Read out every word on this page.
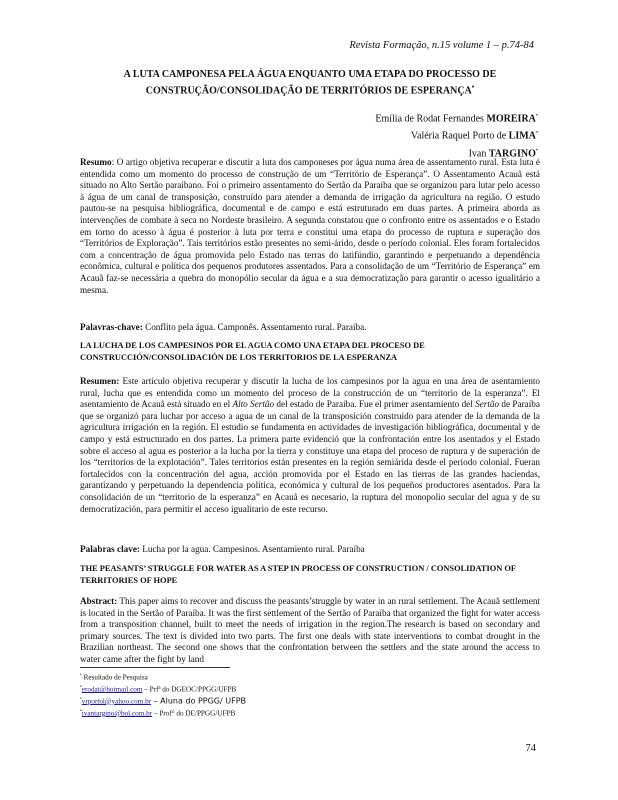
Revista Formação, n.15 volume 1 – p.74-84
A LUTA CAMPONESA PELA ÁGUA ENQUANTO UMA ETAPA DO PROCESSO DE
CONSTRUÇÃO/CONSOLIDAÇÃO DE TERRITÓRIOS DE ESPERANÇA•
Emília de Rodat Fernandes MOREIRA•
Valéria Raquel Porto de LIMA•
Ivan TARGINO•

Resumo: O artigo objetiva recuperar e discutir a luta dos camponeses por água numa área de assentamento rural. Esta luta é entendida como um momento do processo de construção de um “Território de Esperança”. O Assentamento Acauã está situado no Alto Sertão paraibano. Foi o primeiro assentamento do Sertão da Paraíba que se organizou para lutar pelo acesso à água de um canal de transposição, construído para atender a demanda de irrigação da agricultura na região. O estudo pautou-se na pesquisa bibliográfica, documental e de campo e está estruturado em duas partes. A primeira aborda as intervenções de combate à seca no Nordeste brasileiro. A segunda constatou que o confronto entre os assentados e o Estado em torno do acesso à água é posterior à luta por terra e constitui uma etapa do processo de ruptura e superação dos “Territórios de Exploração”. Tais territórios estão presentes no semi-árido, desde o período colonial. Eles foram fortalecidos com a concentração de água promovida pelo Estado nas terras do latifúndio, garantindo e perpetuando a dependência econômica, cultural e política dos pequenos produtores assentados. Para a consolidação de um “Território de Esperança” em Acauã faz-se necessária a quebra do monopólio secular da água e a sua democratização para garantir o acesso igualitário a mesma.

Palavras-chave: Conflito pela água. Camponês. Assentamento rural. Paraíba.

LA LUCHA DE LOS CAMPESINOS POR EL AGUA COMO UNA ETAPA DEL PROCESO DE CONSTRUCCIÓN/CONSOLIDACIÓN DE LOS TERRITORIOS DE LA ESPERANZA

Resumen: Este artículo objetiva recuperar y discutir la lucha de los campesinos por la agua en una área de asentamiento rural, lucha que es entendida como un momento del proceso de la construcción de un “territorio de la esperanza”. El asentamiento de Acauã está situado en el Alto Sertão del estado de Paraíba. Fue el primer asentamiento del Sertão de Paraíba que se organizó para luchar por acceso a agua de un canal de la transposición construido para atender de la demanda de la agricultura irrigación en la región. El estudio se fundamenta en actividades de investigación bibliográfica, documental y de campo y está estructurado en dos partes. La primera parte evidenció que la confrontación entre los asentados y el Estado sobre el acceso al agua es posterior a la lucha por la tierra y constituye una etapa del proceso de ruptura y de superación de los “territorios de la explotación”. Tales territorios están presentes en la región semiárida desde el período colonial. Fueran fortalecidos con la concentración del agua, acción promovida por el Estado en las tierras de las grandes haciendas, garantizando y perpetuando la dependencia política, económica y cultural de los pequeños productores asentados. Para la consolidación de un “territorio de la esperanza” en Acauã es necesario, la ruptura del monopolio secular del agua y de su democratización, para permitir el acceso igualitario de este recurso.

Palabras clave: Lucha por la agua. Campesinos. Asentamiento rural. Paraíba

THE PEASANTS’ STRUGGLE FOR WATER AS A STEP IN PROCESS OF CONSTRUCTION / CONSOLIDATION OF TERRITORIES OF HOPE

Abstract: This paper aims to recover and discuss the peasants’struggle by water in an rural settlement. The Acauã settlement is located in the Sertão of Paraíba. It was the first settlement of the Sertão of Paraíba that organized the fight for water access from a transposition channel, built to meet the needs of irrigation in the region.The research is based on secondary and primary sources. The text is divided into two parts. The first one deals with state interventions to combat drought in the Brazilian northeast. The second one shows that the confrontation between the settlers and the state around the access to water came after the fight by land

• Resultado de Pesquisa
•erodat@hotmail.com – Prfª do DGEOC/PPGG/UFPB
•vrportol@yahoo.com.br – Aluna do PPGG/ UFPB
•ivantargino@bol.com.br – Prof° do DE/PPGG/UFPB
74
